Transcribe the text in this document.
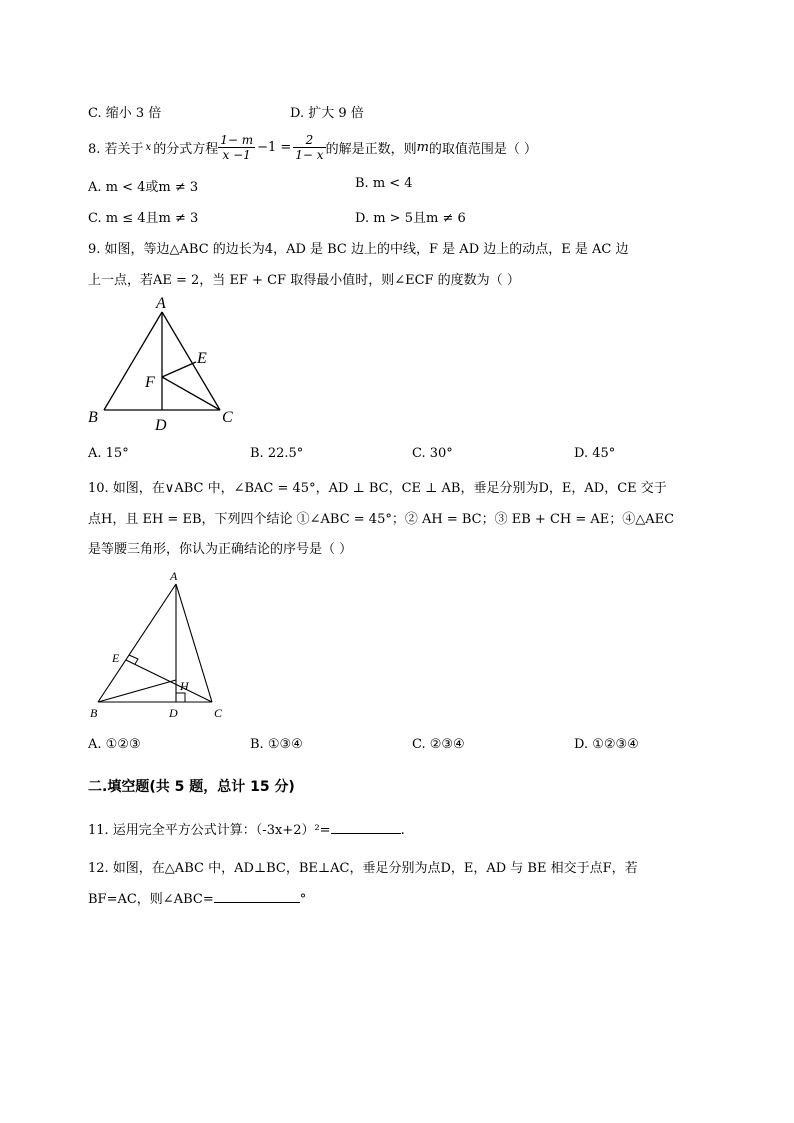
C. 缩小 3 倍	D. 扩大 9 倍
8. 若关于 x 的分式方程 $\frac{1- m}{x -1} -1 = \frac{2}{1- x}$ 的解是正数，则 m 的取值范围是（ ）
A. m < 4或m ≠ 3	B. m < 4
C. m ≤ 4且m ≠ 3	D. m > 5且m ≠ 6
9. 如图，等边△ABC 的边长为4，AD 是 BC 边上的中线，F 是 AD 边上的动点，E 是 AC 边
上一点，若AE = 2，当 EF + CF 取得最小值时，则∠ECF 的度数为（ ）
A
B	C
D
E
F
A. 15°	B. 22.5°	C. 30°	D. 45°
10. 如图，在∨ABC 中，∠BAC = 45°，AD ⊥ BC，CE ⊥ AB，垂足分别为D，E，AD，CE 交于
点H，且 EH = EB，下列四个结论 ①∠ABC = 45°；② AH = BC；③ EB + CH = AE；④△AEC
是等腰三角形，你认为正确结论的序号是（ ）
A
B	C
D
E
H
A. ①②③	B. ①③④	C. ②③④	D. ①②③④
二.填空题(共 5 题，总计 15 分)
11. 运用完全平方公式计算：（-3x+2）²=	.
12. 如图，在△ABC 中，AD⊥BC，BE⊥AC，垂足分别为点D，E，AD 与 BE 相交于点F，若
BF=AC，则∠ABC=	°
